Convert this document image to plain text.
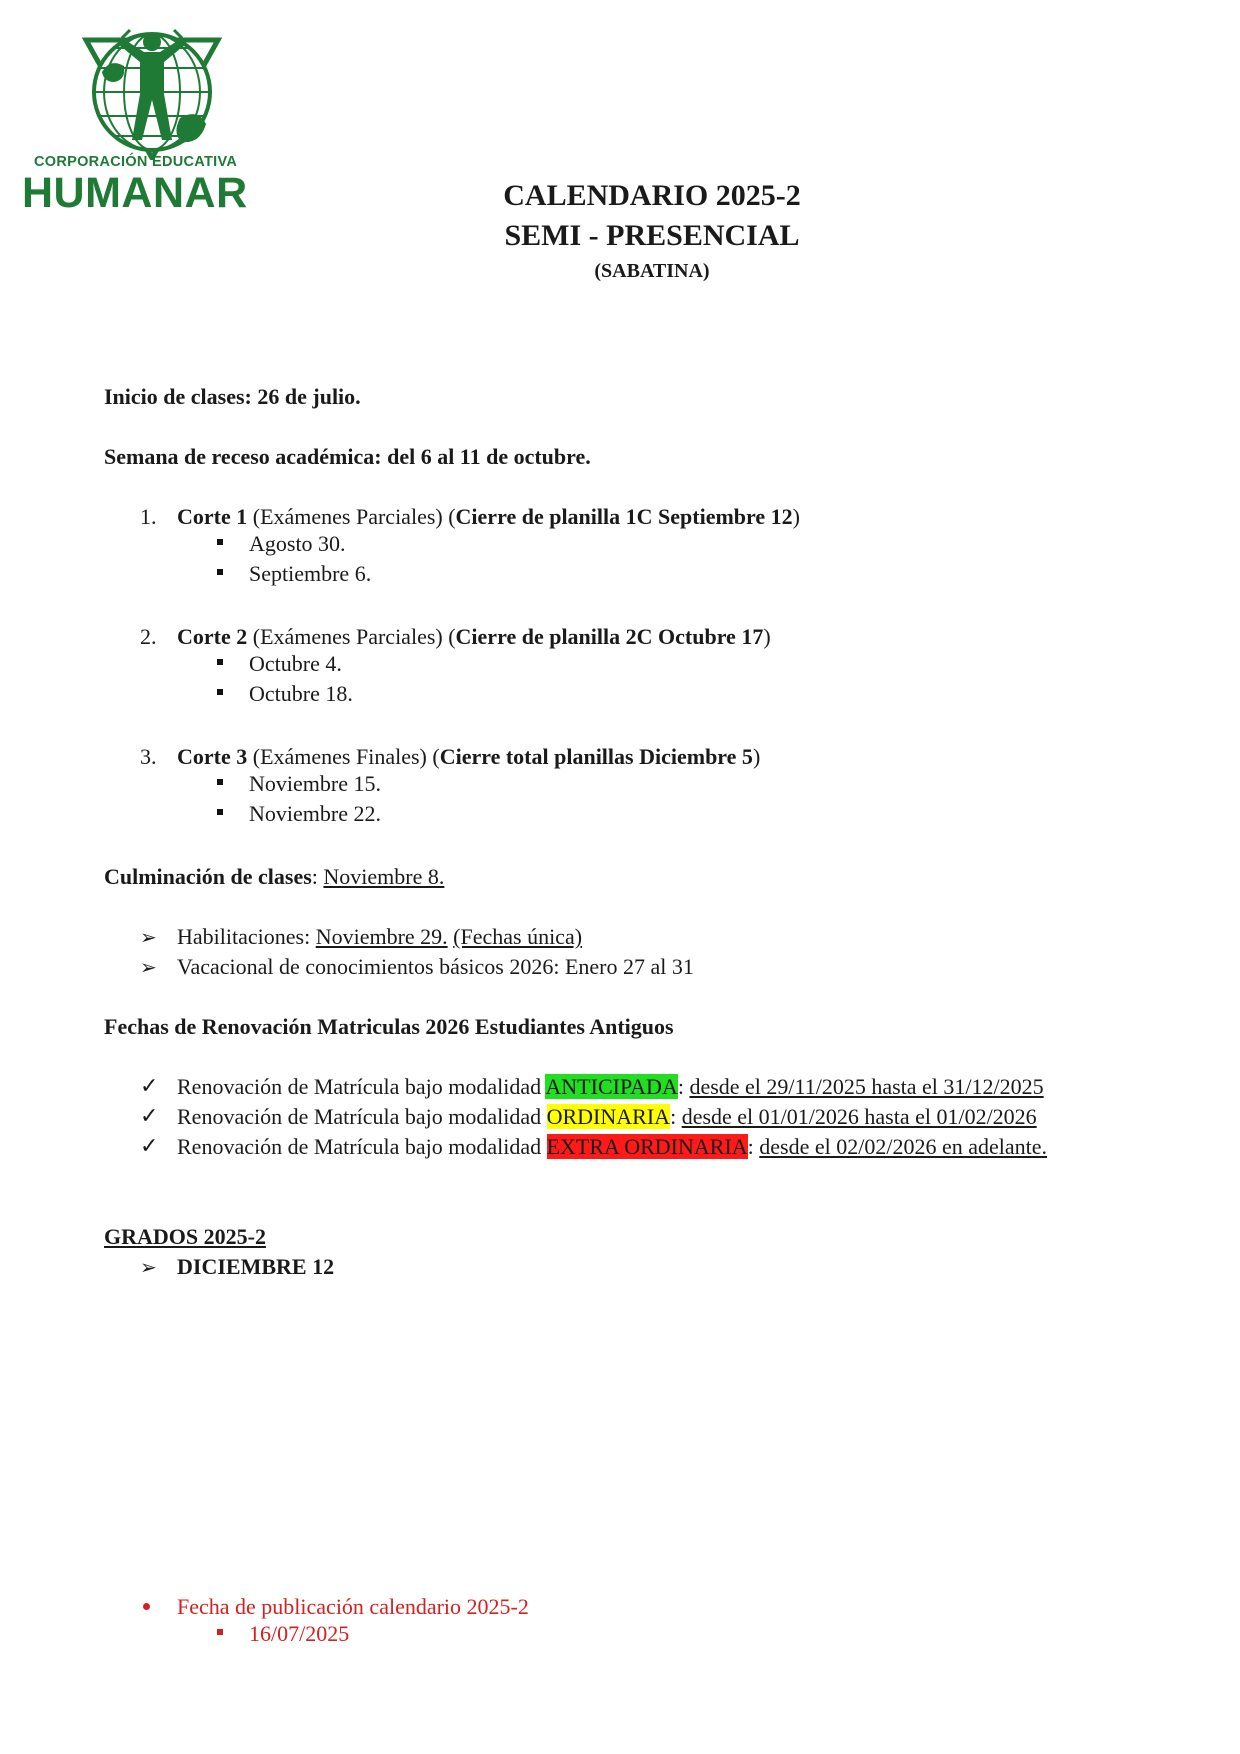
CORPORACIÓN EDUCATIVA
HUMANAR	CALENDARIO 2025-2
SEMI - PRESENCIAL
(SABATINA)
Inicio de clases: 26 de julio.
Semana de receso académica: del 6 al 11 de octubre.
1. Corte 1 (Exámenes Parciales) (Cierre de planilla 1C Septiembre 12)
Agosto 30.
Septiembre 6.
2. Corte 2 (Exámenes Parciales) (Cierre de planilla 2C Octubre 17)
Octubre 4.
Octubre 18.
3. Corte 3 (Exámenes Finales) (Cierre total planillas Diciembre 5)
Noviembre 15.
Noviembre 22.
Culminación de clases: Noviembre 8.
➢ Habilitaciones: Noviembre 29. (Fechas única)
➢ Vacacional de conocimientos básicos 2026: Enero 27 al 31
Fechas de Renovación Matriculas 2026 Estudiantes Antiguos
✓ Renovación de Matrícula bajo modalidad ANTICIPADA: desde el 29/11/2025 hasta el 31/12/2025
✓ Renovación de Matrícula bajo modalidad ORDINARIA: desde el 01/01/2026 hasta el 01/02/2026
✓ Renovación de Matrícula bajo modalidad EXTRA ORDINARIA: desde el 02/02/2026 en adelante.
GRADOS 2025-2
➢ DICIEMBRE 12
Fecha de publicación calendario 2025-2
16/07/2025
